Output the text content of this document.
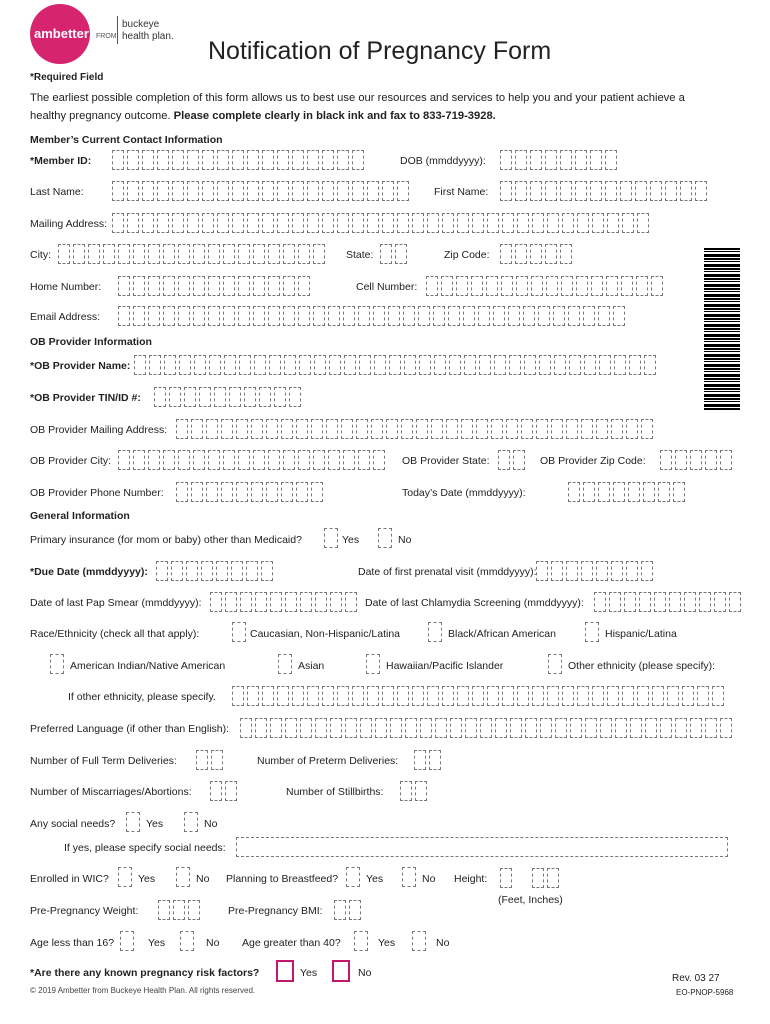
ambetter FROM
buckeye
health plan.
Notification of Pregnancy Form
*Required Field
The earliest possible completion of this form allows us to best use our resources and services to help you and your patient achieve a
healthy pregnancy outcome. Please complete clearly in black ink and fax to 833-719-3928.
Member’s Current Contact Information
*Member ID:	DOB (mmddyyyy):
Last Name:	First Name:
Mailing Address:
City:	State:	Zip Code:
Home Number:	Cell Number:
Email Address:
OB Provider Information
*OB Provider Name:
*OB Provider TIN/ID #:
OB Provider Mailing Address:
OB Provider City:	OB Provider State:	OB Provider Zip Code:
OB Provider Phone Number:	Today’s Date (mmddyyyy):
General Information
Primary insurance (for mom or baby) other than Medicaid?	Yes	No
*Due Date (mmddyyyy):	Date of first prenatal visit (mmddyyyy):
Date of last Pap Smear (mmddyyyy):	Date of last Chlamydia Screening (mmddyyyy):
Race/Ethnicity (check all that apply):	Caucasian, Non-Hispanic/Latina	Black/African American	Hispanic/Latina
American Indian/Native American	Asian	Hawaiian/Pacific Islander	Other ethnicity (please specify):
If other ethnicity, please specify.
Preferred Language (if other than English):
Number of Full Term Deliveries:	Number of Preterm Deliveries:
Number of Miscarriages/Abortions:	Number of Stillbirths:
Any social needs?	Yes	No
If yes, please specify social needs:
Enrolled in WIC?	Yes	No Planning to Breastfeed?	Yes	No Height:
(Feet, Inches)
Pre-Pregnancy Weight:	Pre-Pregnancy BMI:
Age less than 16?	Yes	No Age greater than 40?	Yes	No
*Are there any known pregnancy risk factors?	Yes	No
© 2019 Ambetter from Buckeye Health Plan. All rights reserved.
Rev. 03 27
EO-PNOP-5968
